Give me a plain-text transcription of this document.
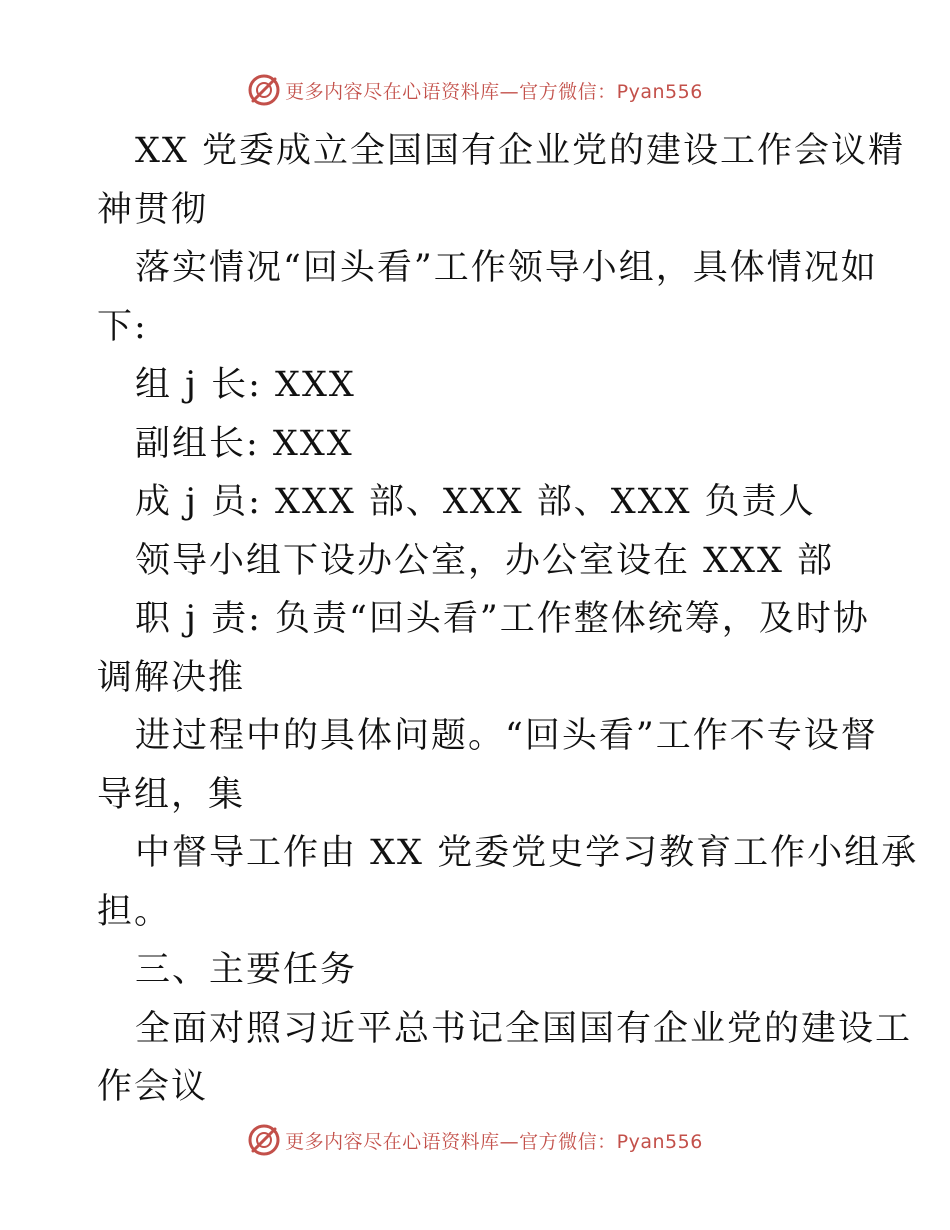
更多内容尽在心语资料库—官方微信：Pyan556
XX 党委成立全国国有企业党的建设工作会议精
神贯彻
落实情况“回头看”工作领导小组，具体情况如
下:
组 j 长: XXX
副组长: XXX
成 j 员: XXX 部、XXX 部、XXX 负责人
领导小组下设办公室，办公室设在 XXX 部
职 j 责: 负责“回头看”工作整体统筹，及时协
调解决推
进过程中的具体问题。“回头看”工作不专设督
导组，集
中督导工作由 XX 党委党史学习教育工作小组承
担。
三、主要任务
全面对照习近平总书记全国国有企业党的建设工
作会议
更多内容尽在心语资料库—官方微信：Pyan556
